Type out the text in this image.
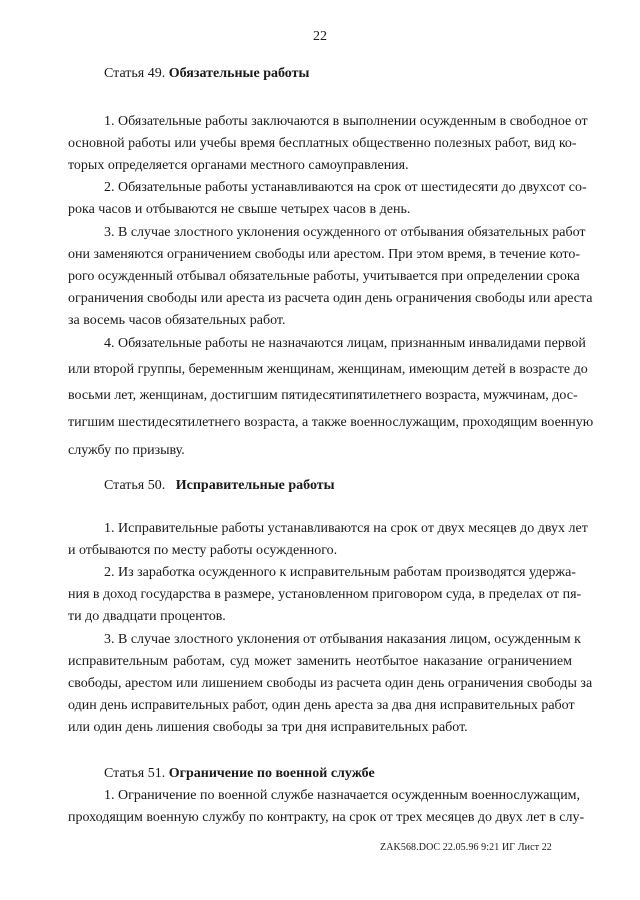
22

Статья 49. Обязательные работы

1. Обязательные работы заключаются в выполнении осужденным в свободное от

основной работы или учебы время бесплатных общественно полезных работ, вид ко-

торых определяется органами местного самоуправления.

2. Обязательные работы устанавливаются на срок от шестидесяти до двухсот со-

рока часов и отбываются не свыше четырех часов в день.

3. В случае злостного уклонения осужденного от отбывания обязательных работ

они заменяются ограничением свободы или арестом. При этом время, в течение кото-

рого осужденный отбывал обязательные работы, учитывается при определении срока

ограничения свободы или ареста из расчета один день ограничения свободы или ареста

за восемь часов обязательных работ.

4. Обязательные работы не назначаются лицам, признанным инвалидами первой

или второй группы, беременным женщинам, женщинам, имеющим детей в возрасте до

восьми лет, женщинам, достигшим пятидесятипятилетнего возраста, мужчинам, дос-

тигшим шестидесятилетнего возраста, а также военнослужащим, проходящим военную

службу по призыву.

Статья 50. Исправительные работы

1. Исправительные работы устанавливаются на срок от двух месяцев до двух лет

и отбываются по месту работы осужденного.

2. Из заработка осужденного к исправительным работам производятся удержа-

ния в доход государства в размере, установленном приговором суда, в пределах от пя-

ти до двадцати процентов.

3. В случае злостного уклонения от отбывания наказания лицом, осужденным к

исправительным работам, суд может заменить неотбытое наказание ограничением

свободы, арестом или лишением свободы из расчета один день ограничения свободы за

один день исправительных работ, один день ареста за два дня исправительных работ

или один день лишения свободы за три дня исправительных работ.

Статья 51. Ограничение по военной службе

1. Ограничение по военной службе назначается осужденным военнослужащим,

проходящим военную службу по контракту, на срок от трех месяцев до двух лет в слу-

ZAK568.DOC 22.05.96 9:21 ИГ Лист 22
